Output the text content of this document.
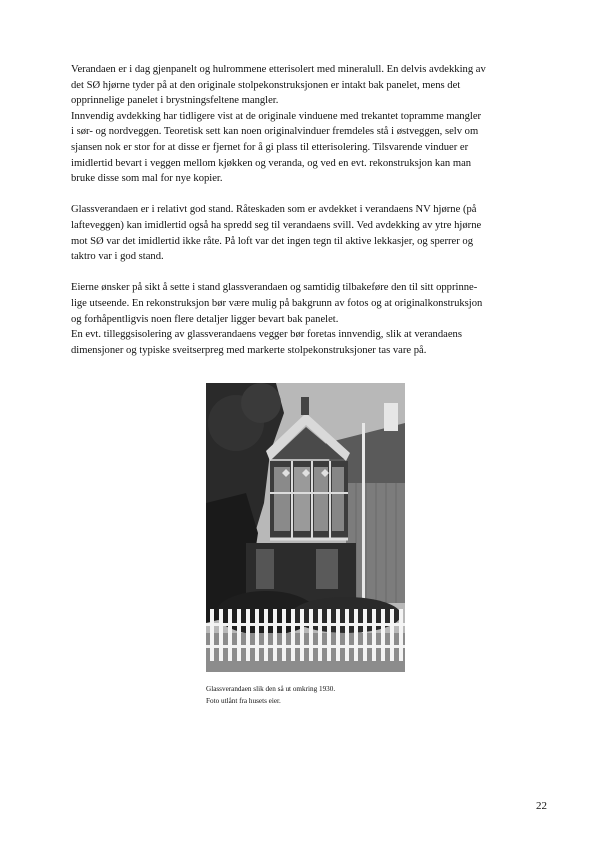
Verandaen er i dag gjenpanelt og hulrommene etterisolert med mineralull. En delvis avdekking av
det SØ hjørne tyder på at den originale stolpekonstruksjonen er intakt bak panelet, mens det
opprinnelige panelet i brystningsfeltene mangler.

Innvendig avdekking har tidligere vist at de originale vinduene med trekantet topramme mangler
i sør- og nordveggen. Teoretisk sett kan noen originalvinduer fremdeles stå i østveggen, selv om
sjansen nok er stor for at disse er fjernet for å gi plass til etterisolering. Tilsvarende vinduer er
imidlertid bevart i veggen mellom kjøkken og veranda, og ved en evt. rekonstruksjon kan man
bruke disse som mal for nye kopier.

Glassverandaen er i relativt god stand. Råteskaden som er avdekket i verandaens NV hjørne (på
lafteveggen) kan imidlertid også ha spredd seg til verandaens svill. Ved avdekking av ytre hjørne
mot SØ var det imidlertid ikke råte. På loft var det ingen tegn til aktive lekkasjer, og sperrer og
taktro var i god stand.

Eierne ønsker på sikt å sette i stand glassverandaen og samtidig tilbakeføre den til sitt opprinne-
lige utseende. En rekonstruksjon bør være mulig på bakgrunn av fotos og at originalkonstruksjon
og forhåpentligvis noen flere detaljer ligger bevart bak panelet.

En evt. tilleggsisolering av glassverandaens vegger bør foretas innvendig, slik at verandaens
dimensjoner og typiske sveitserpreg med markerte stolpekonstruksjoner tas vare på.

Glassverandaen slik den så ut omkring 1930.
Foto utlånt fra husets eier.
22
